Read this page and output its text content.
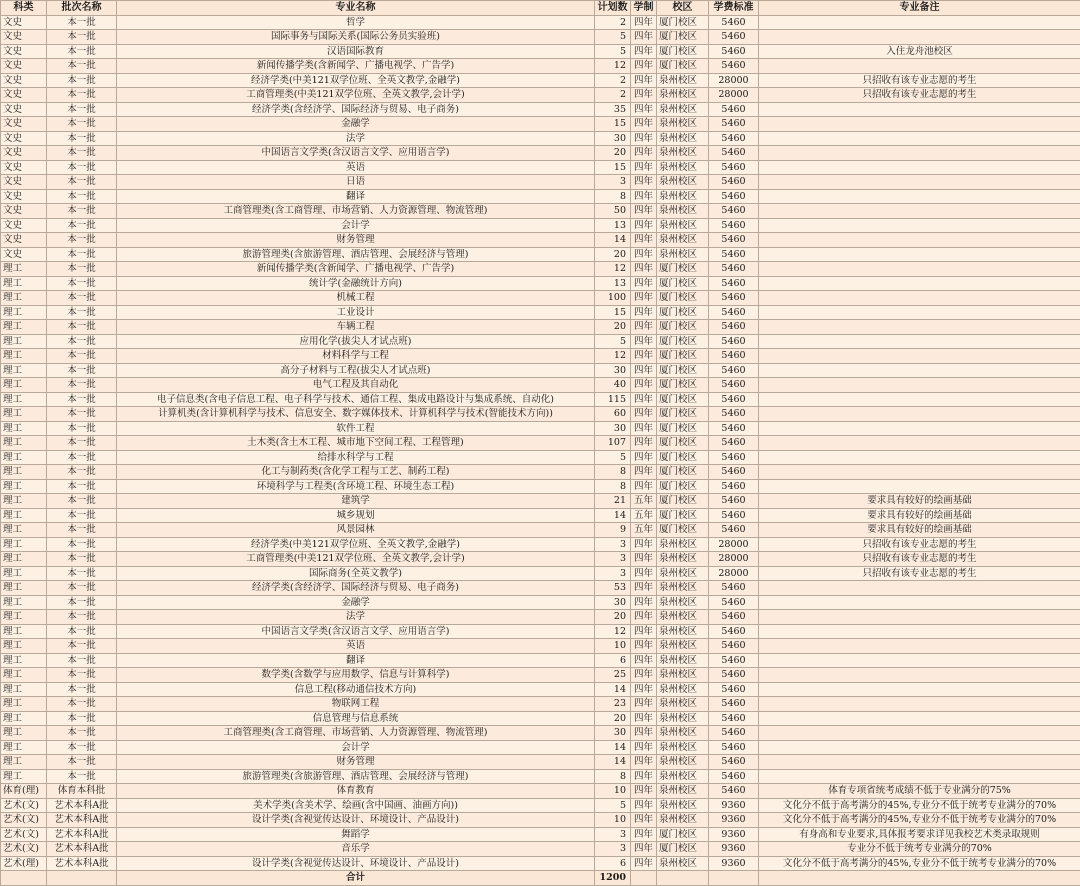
科类	批次名称	专业名称	计划数	学制	校区	学费标准	专业备注
文史	本一批	哲学	2	四年	厦门校区	5460	
文史	本一批	国际事务与国际关系(国际公务员实验班)	5	四年	厦门校区	5460	
文史	本一批	汉语国际教育	5	四年	厦门校区	5460	入住龙舟池校区
文史	本一批	新闻传播学类(含新闻学、广播电视学、广告学)	12	四年	厦门校区	5460	
文史	本一批	经济学类(中美121双学位班、全英文教学,金融学)	2	四年	泉州校区	28000	只招收有该专业志愿的考生
文史	本一批	工商管理类(中美121双学位班、全英文教学,会计学)	2	四年	泉州校区	28000	只招收有该专业志愿的考生
文史	本一批	经济学类(含经济学、国际经济与贸易、电子商务)	35	四年	泉州校区	5460	
文史	本一批	金融学	15	四年	泉州校区	5460	
文史	本一批	法学	30	四年	泉州校区	5460	
文史	本一批	中国语言文学类(含汉语言文学、应用语言学)	20	四年	泉州校区	5460	
文史	本一批	英语	15	四年	泉州校区	5460	
文史	本一批	日语	3	四年	泉州校区	5460	
文史	本一批	翻译	8	四年	泉州校区	5460	
文史	本一批	工商管理类(含工商管理、市场营销、人力资源管理、物流管理)	50	四年	泉州校区	5460	
文史	本一批	会计学	13	四年	泉州校区	5460	
文史	本一批	财务管理	14	四年	泉州校区	5460	
文史	本一批	旅游管理类(含旅游管理、酒店管理、会展经济与管理)	20	四年	泉州校区	5460	
理工	本一批	新闻传播学类(含新闻学、广播电视学、广告学)	12	四年	厦门校区	5460	
理工	本一批	统计学(金融统计方向)	13	四年	厦门校区	5460	
理工	本一批	机械工程	100	四年	厦门校区	5460	
理工	本一批	工业设计	15	四年	厦门校区	5460	
理工	本一批	车辆工程	20	四年	厦门校区	5460	
理工	本一批	应用化学(拔尖人才试点班)	5	四年	厦门校区	5460	
理工	本一批	材料科学与工程	12	四年	厦门校区	5460	
理工	本一批	高分子材料与工程(拔尖人才试点班)	30	四年	厦门校区	5460	
理工	本一批	电气工程及其自动化	40	四年	厦门校区	5460	
理工	本一批	电子信息类(含电子信息工程、电子科学与技术、通信工程、集成电路设计与集成系统、自动化)	115	四年	厦门校区	5460	
理工	本一批	计算机类(含计算机科学与技术、信息安全、数字媒体技术、计算机科学与技术(智能技术方向))	60	四年	厦门校区	5460	
理工	本一批	软件工程	30	四年	厦门校区	5460	
理工	本一批	土木类(含土木工程、城市地下空间工程、工程管理)	107	四年	厦门校区	5460	
理工	本一批	给排水科学与工程	5	四年	厦门校区	5460	
理工	本一批	化工与制药类(含化学工程与工艺、制药工程)	8	四年	厦门校区	5460	
理工	本一批	环境科学与工程类(含环境工程、环境生态工程)	8	四年	厦门校区	5460	
理工	本一批	建筑学	21	五年	厦门校区	5460	要求具有较好的绘画基础
理工	本一批	城乡规划	14	五年	厦门校区	5460	要求具有较好的绘画基础
理工	本一批	风景园林	9	五年	厦门校区	5460	要求具有较好的绘画基础
理工	本一批	经济学类(中美121双学位班、全英文教学,金融学)	3	四年	泉州校区	28000	只招收有该专业志愿的考生
理工	本一批	工商管理类(中美121双学位班、全英文教学,会计学)	3	四年	泉州校区	28000	只招收有该专业志愿的考生
理工	本一批	国际商务(全英文教学)	3	四年	泉州校区	28000	只招收有该专业志愿的考生
理工	本一批	经济学类(含经济学、国际经济与贸易、电子商务)	53	四年	泉州校区	5460	
理工	本一批	金融学	30	四年	泉州校区	5460	
理工	本一批	法学	20	四年	泉州校区	5460	
理工	本一批	中国语言文学类(含汉语言文学、应用语言学)	12	四年	泉州校区	5460	
理工	本一批	英语	10	四年	泉州校区	5460	
理工	本一批	翻译	6	四年	泉州校区	5460	
理工	本一批	数学类(含数学与应用数学、信息与计算科学)	25	四年	泉州校区	5460	
理工	本一批	信息工程(移动通信技术方向)	14	四年	泉州校区	5460	
理工	本一批	物联网工程	23	四年	泉州校区	5460	
理工	本一批	信息管理与信息系统	20	四年	泉州校区	5460	
理工	本一批	工商管理类(含工商管理、市场营销、人力资源管理、物流管理)	30	四年	泉州校区	5460	
理工	本一批	会计学	14	四年	泉州校区	5460	
理工	本一批	财务管理	14	四年	泉州校区	5460	
理工	本一批	旅游管理类(含旅游管理、酒店管理、会展经济与管理)	8	四年	泉州校区	5460	
体育(理)	体育本科批	体育教育	10	四年	泉州校区	5460	体育专项省统考成绩不低于专业满分的75%
艺术(文)	艺术本科A批	美术学类(含美术学、绘画(含中国画、油画方向))	5	四年	泉州校区	9360	文化分不低于高考满分的45%,专业分不低于统考专业满分的70%
艺术(文)	艺术本科A批	设计学类(含视觉传达设计、环境设计、产品设计)	10	四年	泉州校区	9360	文化分不低于高考满分的45%,专业分不低于统考专业满分的70%
艺术(文)	艺术本科A批	舞蹈学	3	四年	厦门校区	9360	有身高和专业要求,具体报考要求详见我校艺术类录取规则
艺术(文)	艺术本科A批	音乐学	3	四年	厦门校区	9360	专业分不低于统考专业满分的70%
艺术(理)	艺术本科A批	设计学类(含视觉传达设计、环境设计、产品设计)	6	四年	泉州校区	9360	文化分不低于高考满分的45%,专业分不低于统考专业满分的70%
		合计	1200				
